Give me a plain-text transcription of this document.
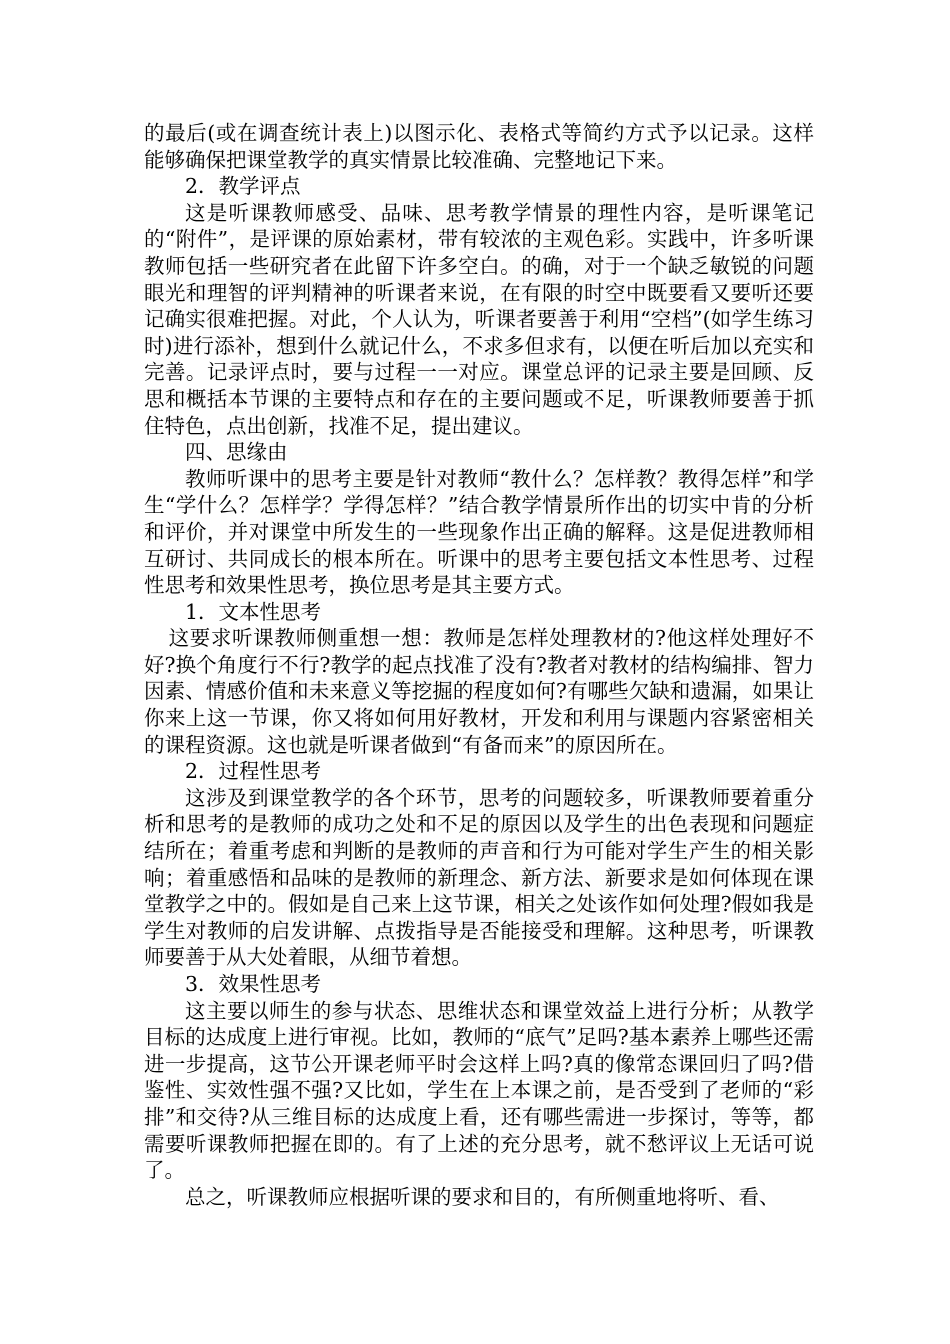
的最后(或在调查统计表上)以图示化、表格式等简约方式予以记录。这样能够确保把课堂教学的真实情景比较准确、完整地记下来。

2．教学评点

这是听课教师感受、品味、思考教学情景的理性内容，是听课笔记的“附件”，是评课的原始素材，带有较浓的主观色彩。实践中，许多听课教师包括一些研究者在此留下许多空白。的确，对于一个缺乏敏锐的问题眼光和理智的评判精神的听课者来说，在有限的时空中既要看又要听还要记确实很难把握。对此，个人认为，听课者要善于利用“空档”(如学生练习时)进行添补，想到什么就记什么，不求多但求有，以便在听后加以充实和完善。记录评点时，要与过程一一对应。课堂总评的记录主要是回顾、反思和概括本节课的主要特点和存在的主要问题或不足，听课教师要善于抓住特色，点出创新，找准不足，提出建议。

四、思缘由

教师听课中的思考主要是针对教师“教什么？怎样教？教得怎样”和学生“学什么？怎样学？学得怎样？”结合教学情景所作出的切实中肯的分析和评价，并对课堂中所发生的一些现象作出正确的解释。这是促进教师相互研讨、共同成长的根本所在。听课中的思考主要包括文本性思考、过程性思考和效果性思考，换位思考是其主要方式。

1．文本性思考

这要求听课教师侧重想一想：教师是怎样处理教材的?他这样处理好不好?换个角度行不行?教学的起点找准了没有?教者对教材的结构编排、智力因素、情感价值和未来意义等挖掘的程度如何?有哪些欠缺和遗漏，如果让你来上这一节课，你又将如何用好教材，开发和利用与课题内容紧密相关的课程资源。这也就是听课者做到“有备而来”的原因所在。

2．过程性思考

这涉及到课堂教学的各个环节，思考的问题较多，听课教师要着重分析和思考的是教师的成功之处和不足的原因以及学生的出色表现和问题症结所在；着重考虑和判断的是教师的声音和行为可能对学生产生的相关影响；着重感悟和品味的是教师的新理念、新方法、新要求是如何体现在课堂教学之中的。假如是自己来上这节课，相关之处该作如何处理?假如我是学生对教师的启发讲解、点拨指导是否能接受和理解。这种思考，听课教师要善于从大处着眼，从细节着想。

3．效果性思考

这主要以师生的参与状态、思维状态和课堂效益上进行分析；从教学目标的达成度上进行审视。比如，教师的“底气”足吗?基本素养上哪些还需进一步提高，这节公开课老师平时会这样上吗?真的像常态课回归了吗?借鉴性、实效性强不强?又比如，学生在上本课之前，是否受到了老师的“彩排”和交待?从三维目标的达成度上看，还有哪些需进一步探讨，等等，都需要听课教师把握在即的。有了上述的充分思考，就不愁评议上无话可说了。

总之，听课教师应根据听课的要求和目的，有所侧重地将听、看、
